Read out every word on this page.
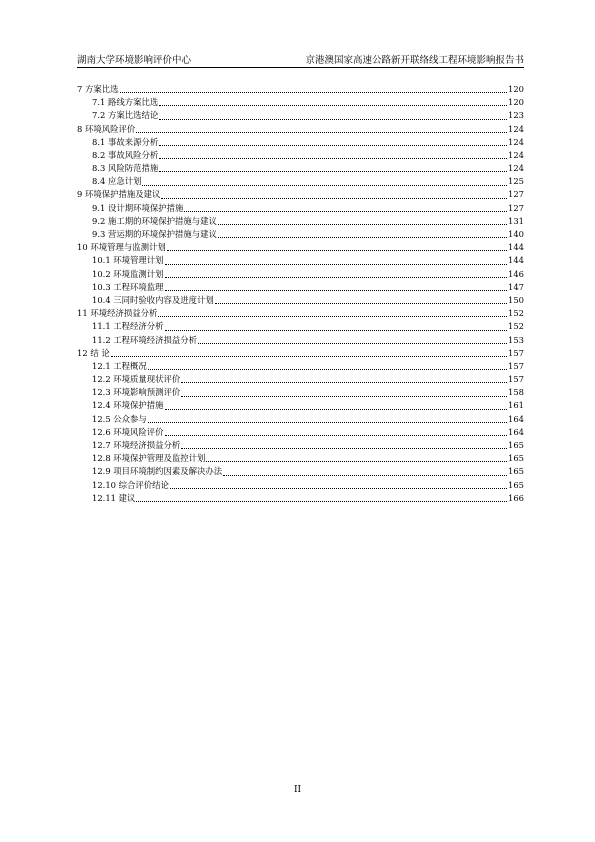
湖南大学环境影响评价中心	京港澳国家高速公路新开联络线工程环境影响报告书
7 方案比选	120
7.1 路线方案比选	120
7.2 方案比选结论	123
8 环境风险评价	124
8.1 事故来源分析	124
8.2 事故风险分析	124
8.3 风险防范措施	124
8.4 应急计划	125
9 环境保护措施及建议	127
9.1 设计期环境保护措施	127
9.2 施工期的环境保护措施与建议	131
9.3 营运期的环境保护措施与建议	140
10 环境管理与监测计划	144
10.1 环境管理计划	144
10.2 环境监测计划	146
10.3 工程环境监理	147
10.4 三同时验收内容及进度计划	150
11 环境经济损益分析	152
11.1 工程经济分析	152
11.2 工程环境经济损益分析	153
12 结 论	157
12.1 工程概况	157
12.2 环境质量现状评价	157
12.3 环境影响预测评价	158
12.4 环境保护措施	161
12.5 公众参与	164
12.6 环境风险评价	164
12.7 环境经济损益分析	165
12.8 环境保护管理及监控计划	165
12.9 项目环境制约因素及解决办法	165
12.10 综合评价结论	165
12.11 建议	166
II
